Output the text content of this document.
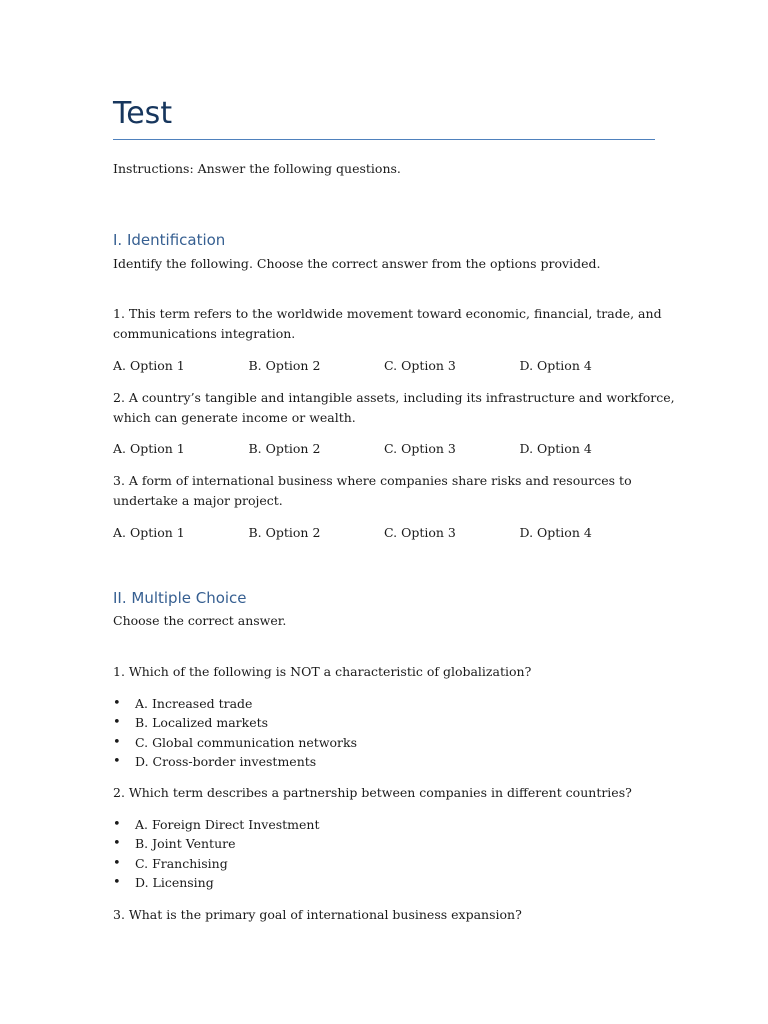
Test

Instructions: Answer the following questions.

I. Identification

Identify the following. Choose the correct answer from the options provided.

1. This term refers to the worldwide movement toward economic, financial, trade, and
communications integration.

A. Option 1	B. Option 2	C. Option 3	D. Option 4

2. A country’s tangible and intangible assets, including its infrastructure and workforce,
which can generate income or wealth.

A. Option 1	B. Option 2	C. Option 3	D. Option 4

3. A form of international business where companies share risks and resources to
undertake a major project.

A. Option 1	B. Option 2	C. Option 3	D. Option 4
II. Multiple Choice

Choose the correct answer.

1. Which of the following is NOT a characteristic of globalization?

•	A. Increased trade
•	B. Localized markets
•	C. Global communication networks
•	D. Cross-border investments

2. Which term describes a partnership between companies in different countries?

•	A. Foreign Direct Investment
•	B. Joint Venture
•	C. Franchising
•	D. Licensing

3. What is the primary goal of international business expansion?
